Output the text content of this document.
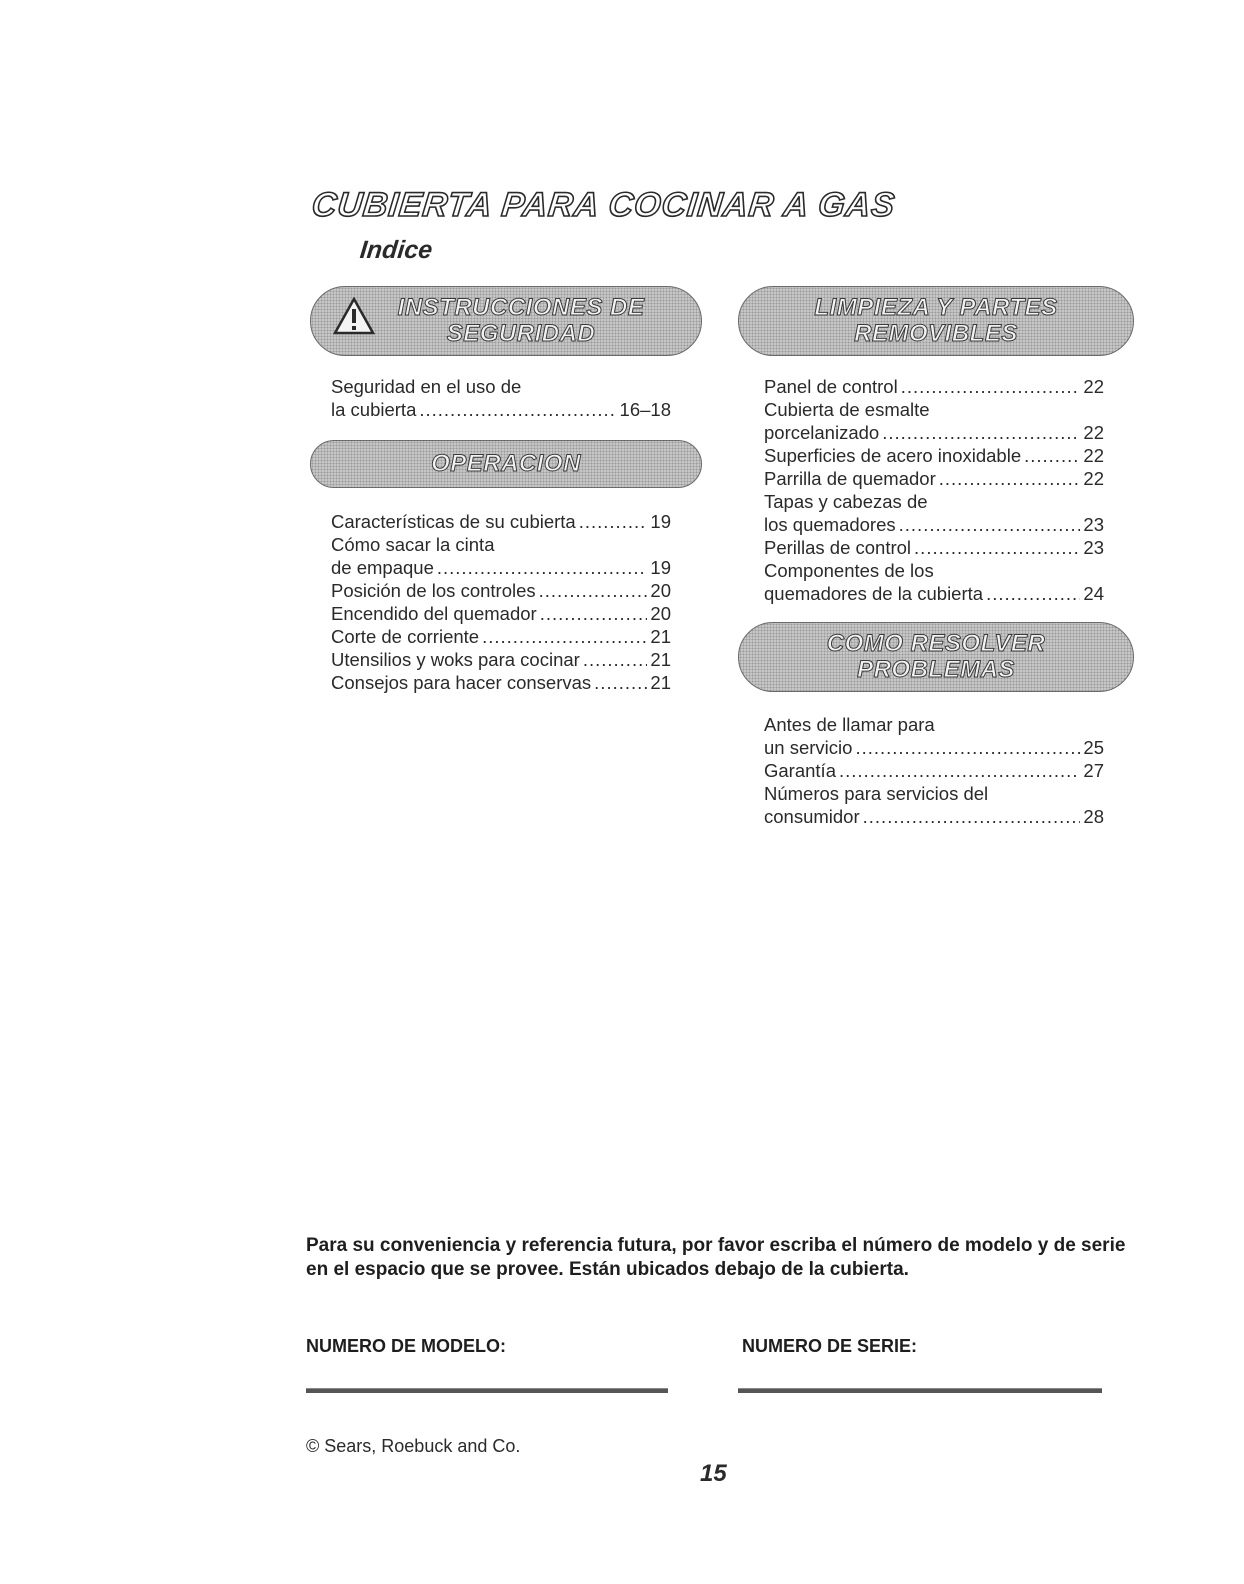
CUBIERTA PARA COCINAR A GAS
Indice
INSTRUCCIONES DE
SEGURIDAD
Seguridad en el uso de
la cubierta .....	16–18
OPERACION
Características de su cubierta .....	19
Cómo sacar la cinta
de empaque .....	19
Posición de los controles .....	20
Encendido del quemador .....	20
Corte de corriente .....	21
Utensilios y woks para cocinar .....	21
Consejos para hacer conservas .....	21
LIMPIEZA Y PARTES
REMOVIBLES
Panel de control .....	22
Cubierta de esmalte
porcelanizado .....	22
Superficies de acero inoxidable .....	22
Parrilla de quemador .....	22
Tapas y cabezas de
los quemadores .....	23
Perillas de control .....	23
Componentes de los
quemadores de la cubierta .....	24
COMO RESOLVER
PROBLEMAS
Antes de llamar para
un servicio .....	25
Garantía .....	27
Números para servicios del
consumidor .....	28
Para su conveniencia y referencia futura, por favor escriba el número de modelo y de serie en el espacio que se provee. Están ubicados debajo de la cubierta.
NUMERO DE MODELO:	NUMERO DE SERIE:
© Sears, Roebuck and Co.
15
